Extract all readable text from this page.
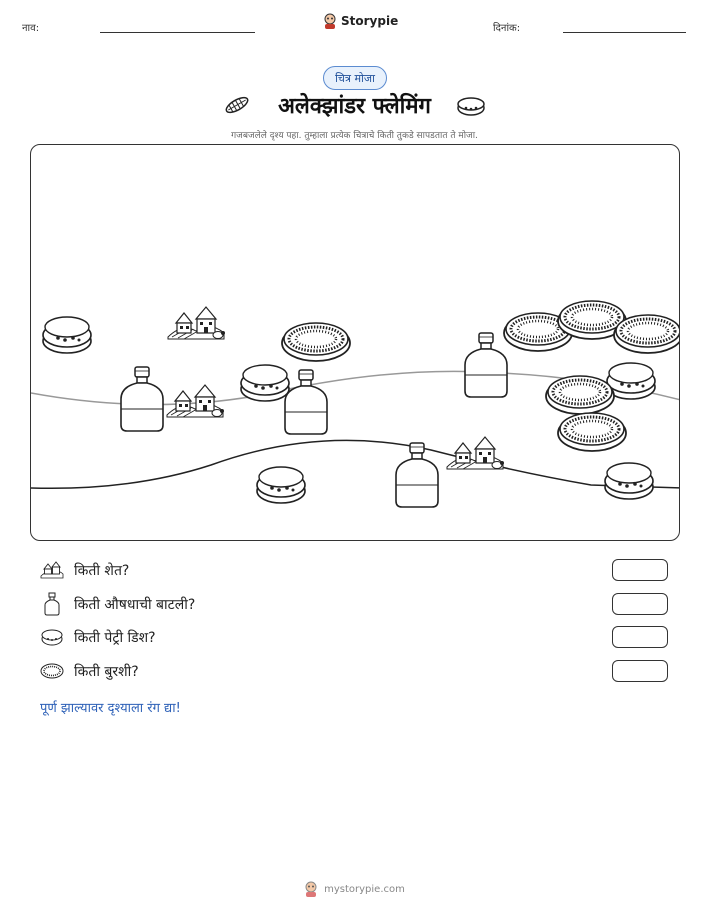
नाव:
Storypie
दिनांक:
चित्र मोजा
अलेक्झांडर फ्लेमिंग
गजबजलेले दृश्य पहा. तुम्हाला प्रत्येक चित्राचे किती तुकडे सापडतात ते मोजा.
किती शेत?
किती औषधाची बाटली?
किती पेट्री डिश?
किती बुरशी?
पूर्ण झाल्यावर दृश्याला रंग द्या!
mystorypie.com
